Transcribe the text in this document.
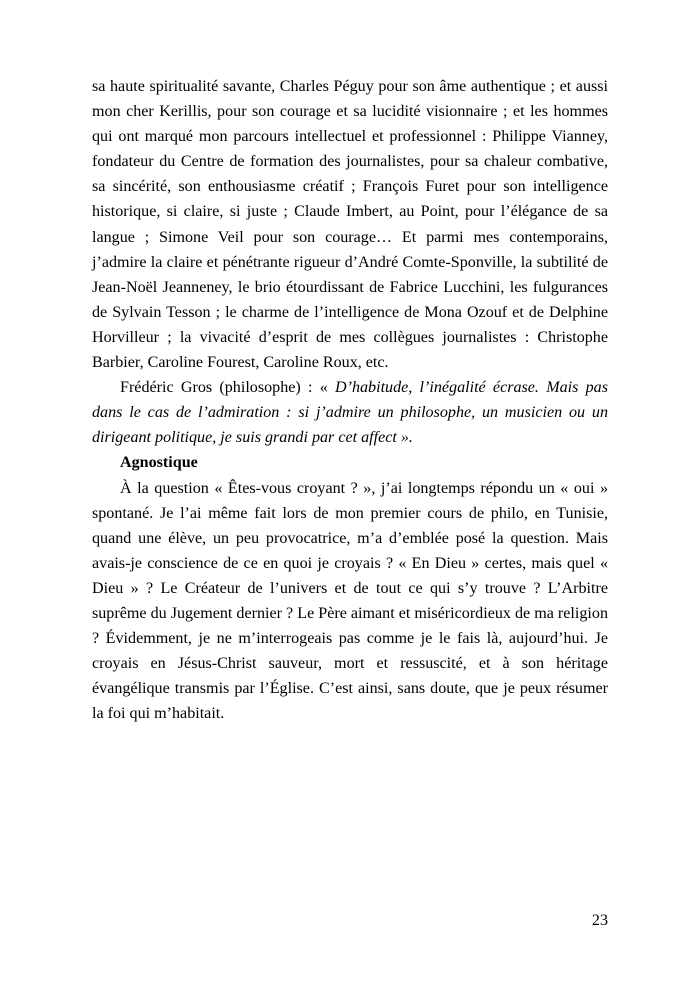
sa haute spiritualité savante, Charles Péguy pour son âme authentique ; et aussi mon cher Kerillis, pour son courage et sa lucidité visionnaire ; et les hommes qui ont marqué mon parcours intellectuel et professionnel : Philippe Vianney, fondateur du Centre de formation des journalistes, pour sa chaleur combative, sa sincérité, son enthousiasme créatif ; François Furet pour son intelligence historique, si claire, si juste ; Claude Imbert, au Point, pour l’élégance de sa langue ; Simone Veil pour son courage… Et parmi mes contemporains, j’admire la claire et pénétrante rigueur d’André Comte-Sponville, la subtilité de Jean-Noël Jeanneney, le brio étourdissant de Fabrice Lucchini, les fulgurances de Sylvain Tesson ; le charme de l’intelligence de Mona Ozouf et de Delphine Horvilleur ; la vivacité d’esprit de mes collègues journalistes : Christophe Barbier, Caroline Fourest, Caroline Roux, etc.

Frédéric Gros (philosophe) : « D’habitude, l’inégalité écrase. Mais pas dans le cas de l’admiration : si j’admire un philosophe, un musicien ou un dirigeant politique, je suis grandi par cet affect ».

Agnostique

À la question « Êtes-vous croyant ? », j’ai longtemps répondu un « oui » spontané. Je l’ai même fait lors de mon premier cours de philo, en Tunisie, quand une élève, un peu provocatrice, m’a d’emblée posé la question. Mais avais-je conscience de ce en quoi je croyais ? « En Dieu » certes, mais quel « Dieu » ? Le Créateur de l’univers et de tout ce qui s’y trouve ? L’Arbitre suprême du Jugement dernier ? Le Père aimant et miséricordieux de ma religion ? Évidemment, je ne m’interrogeais pas comme je le fais là, aujourd’hui. Je croyais en Jésus-Christ sauveur, mort et ressuscité, et à son héritage évangélique transmis par l’Église. C’est ainsi, sans doute, que je peux résumer la foi qui m’habitait.

23
